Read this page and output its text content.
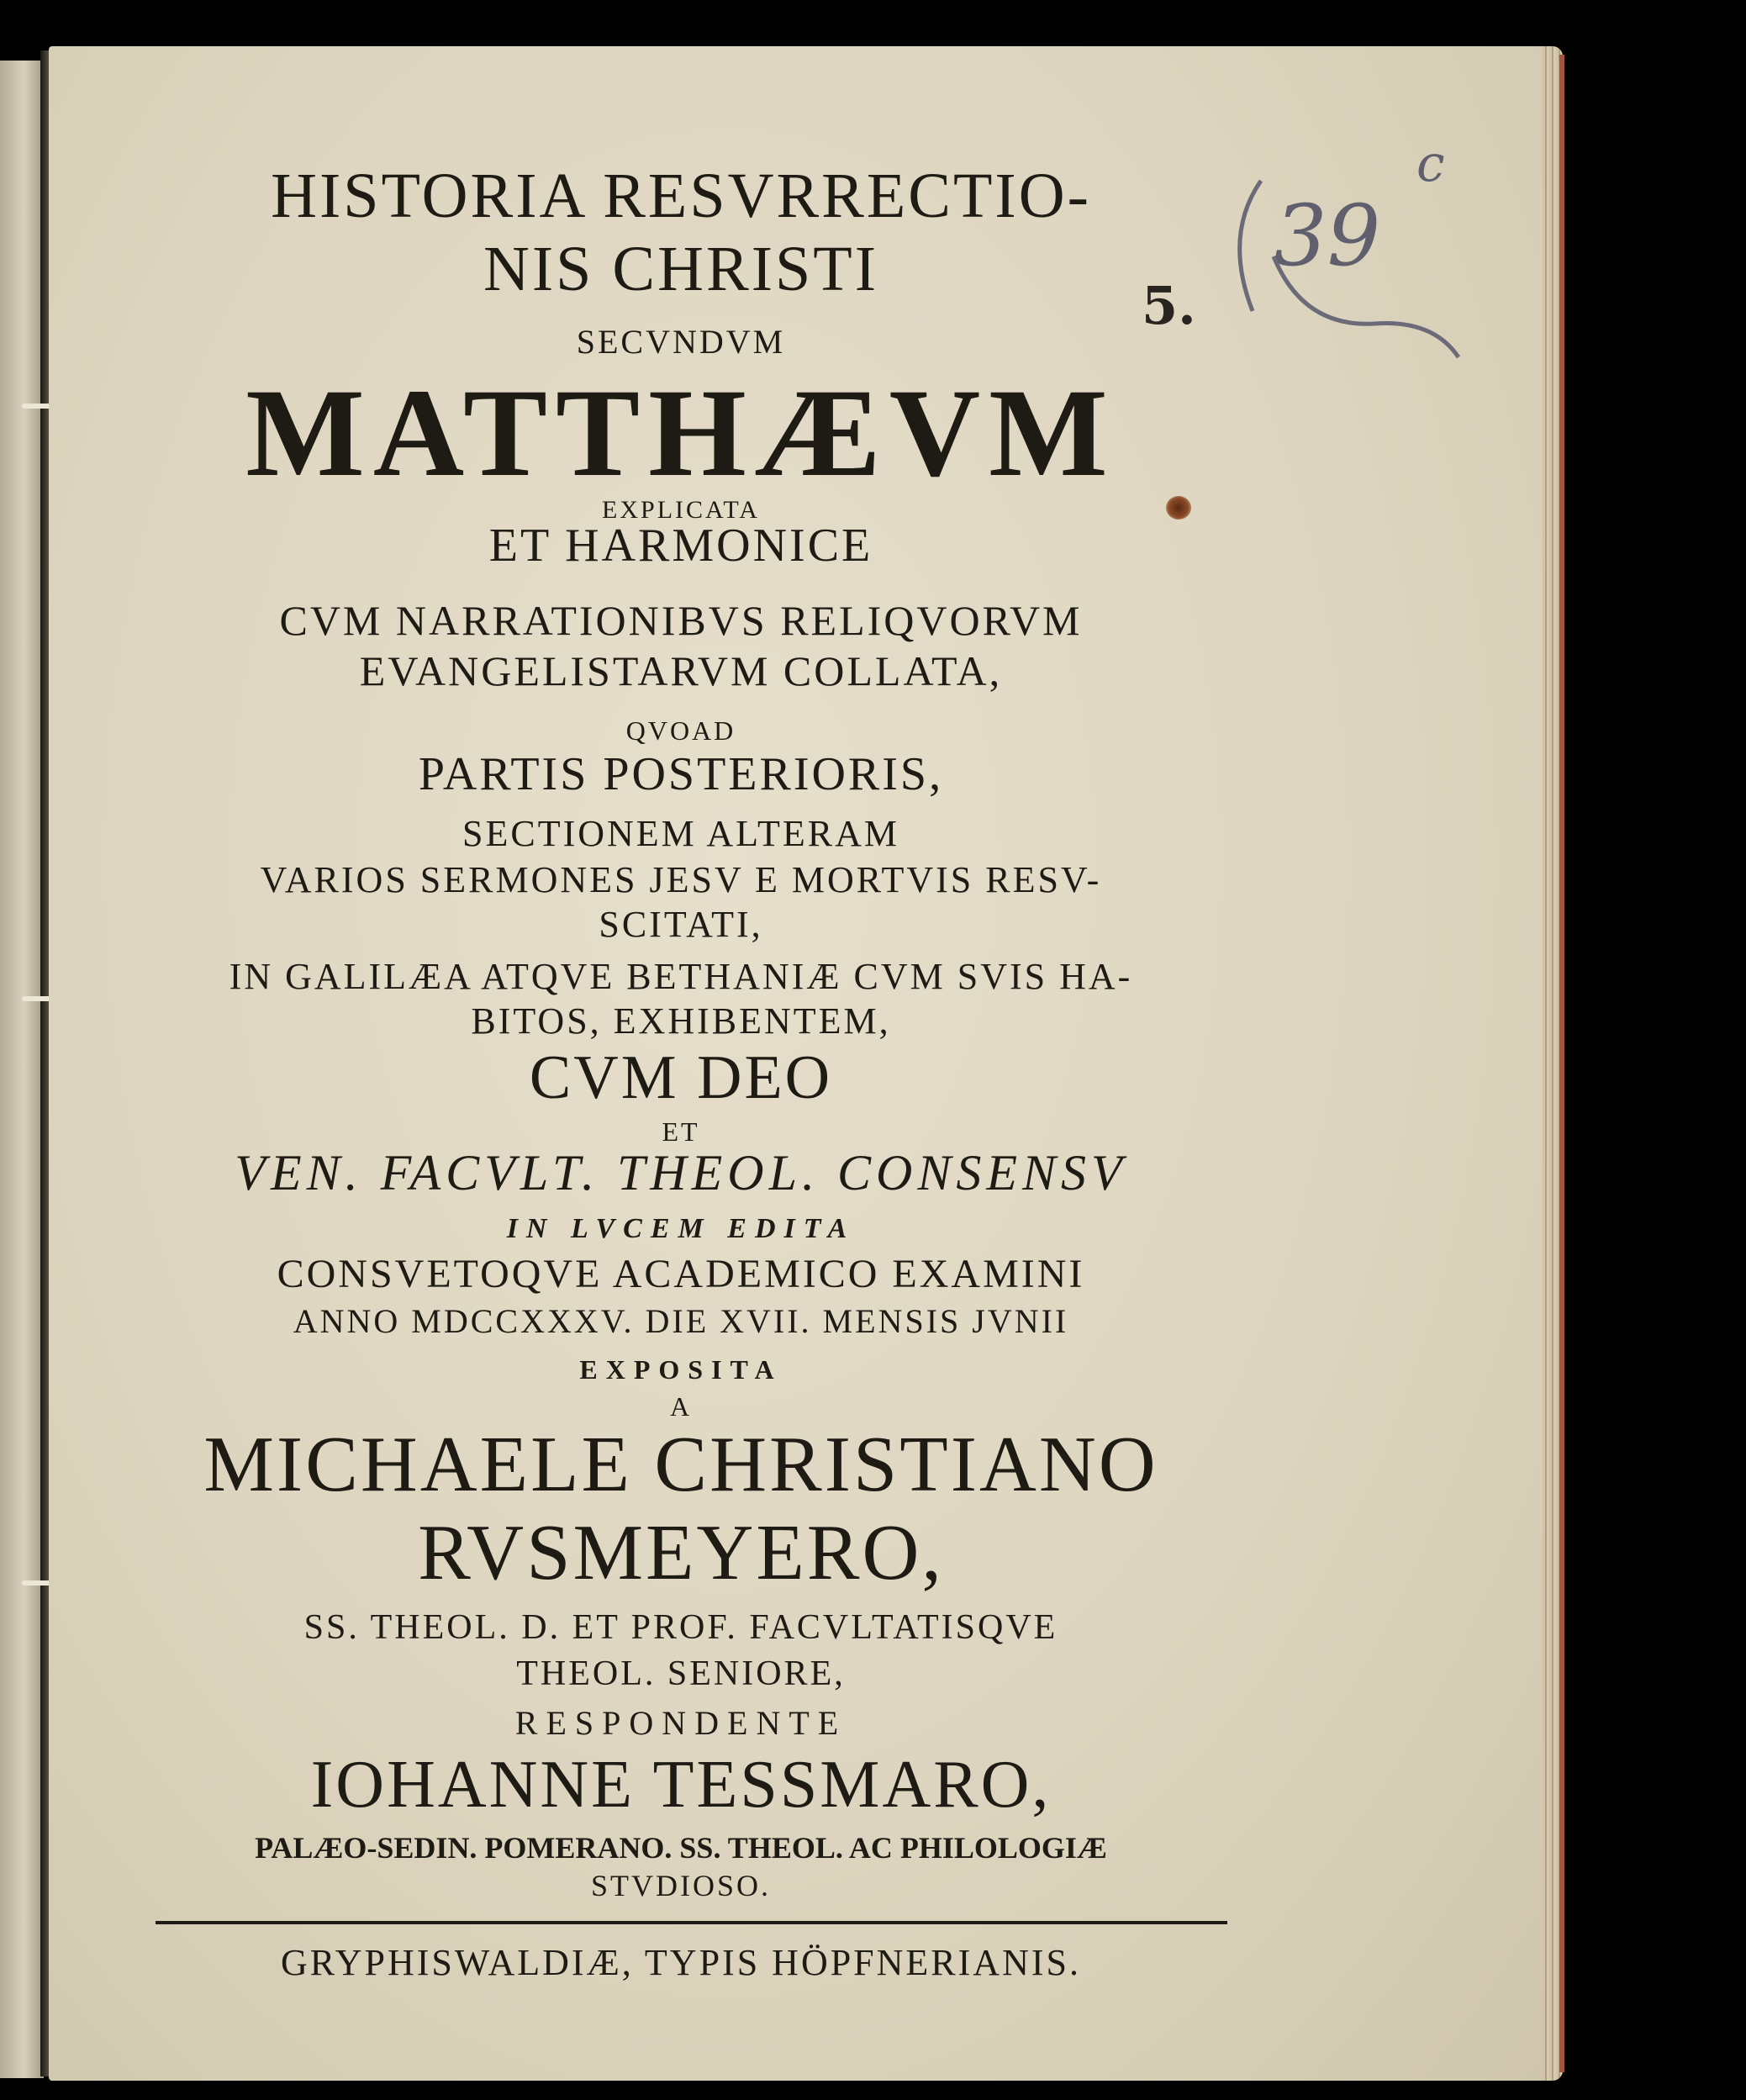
39
c
5.
HISTORIA RESVRRECTIO-
NIS CHRISTI
SECVNDVM
MATTHÆVM
EXPLICATA
ET HARMONICE
CVM NARRATIONIBVS RELIQVORVM
EVANGELISTARVM COLLATA,
QVOAD
PARTIS POSTERIORIS,
SECTIONEM ALTERAM
VARIOS SERMONES JESV E MORTVIS RESV-
SCITATI,
IN GALILÆA ATQVE BETHANIÆ CVM SVIS HA-
BITOS, EXHIBENTEM,
CVM DEO
ET
VEN. FACVLT. THEOL. CONSENSV
IN LVCEM EDITA
CONSVETOQVE ACADEMICO EXAMINI
ANNO MDCCXXXV. DIE XVII. MENSIS JVNII
EXPOSITA
A
MICHAELE CHRISTIANO
RVSMEYERO,
SS. THEOL. D. ET PROF. FACVLTATISQVE
THEOL. SENIORE,
RESPONDENTE
IOHANNE TESSMARO,
PALÆO-SEDIN. POMERANO. SS. THEOL. AC PHILOLOGIÆ
STVDIOSO.
GRYPHISWALDIÆ, TYPIS HÖPFNERIANIS.
